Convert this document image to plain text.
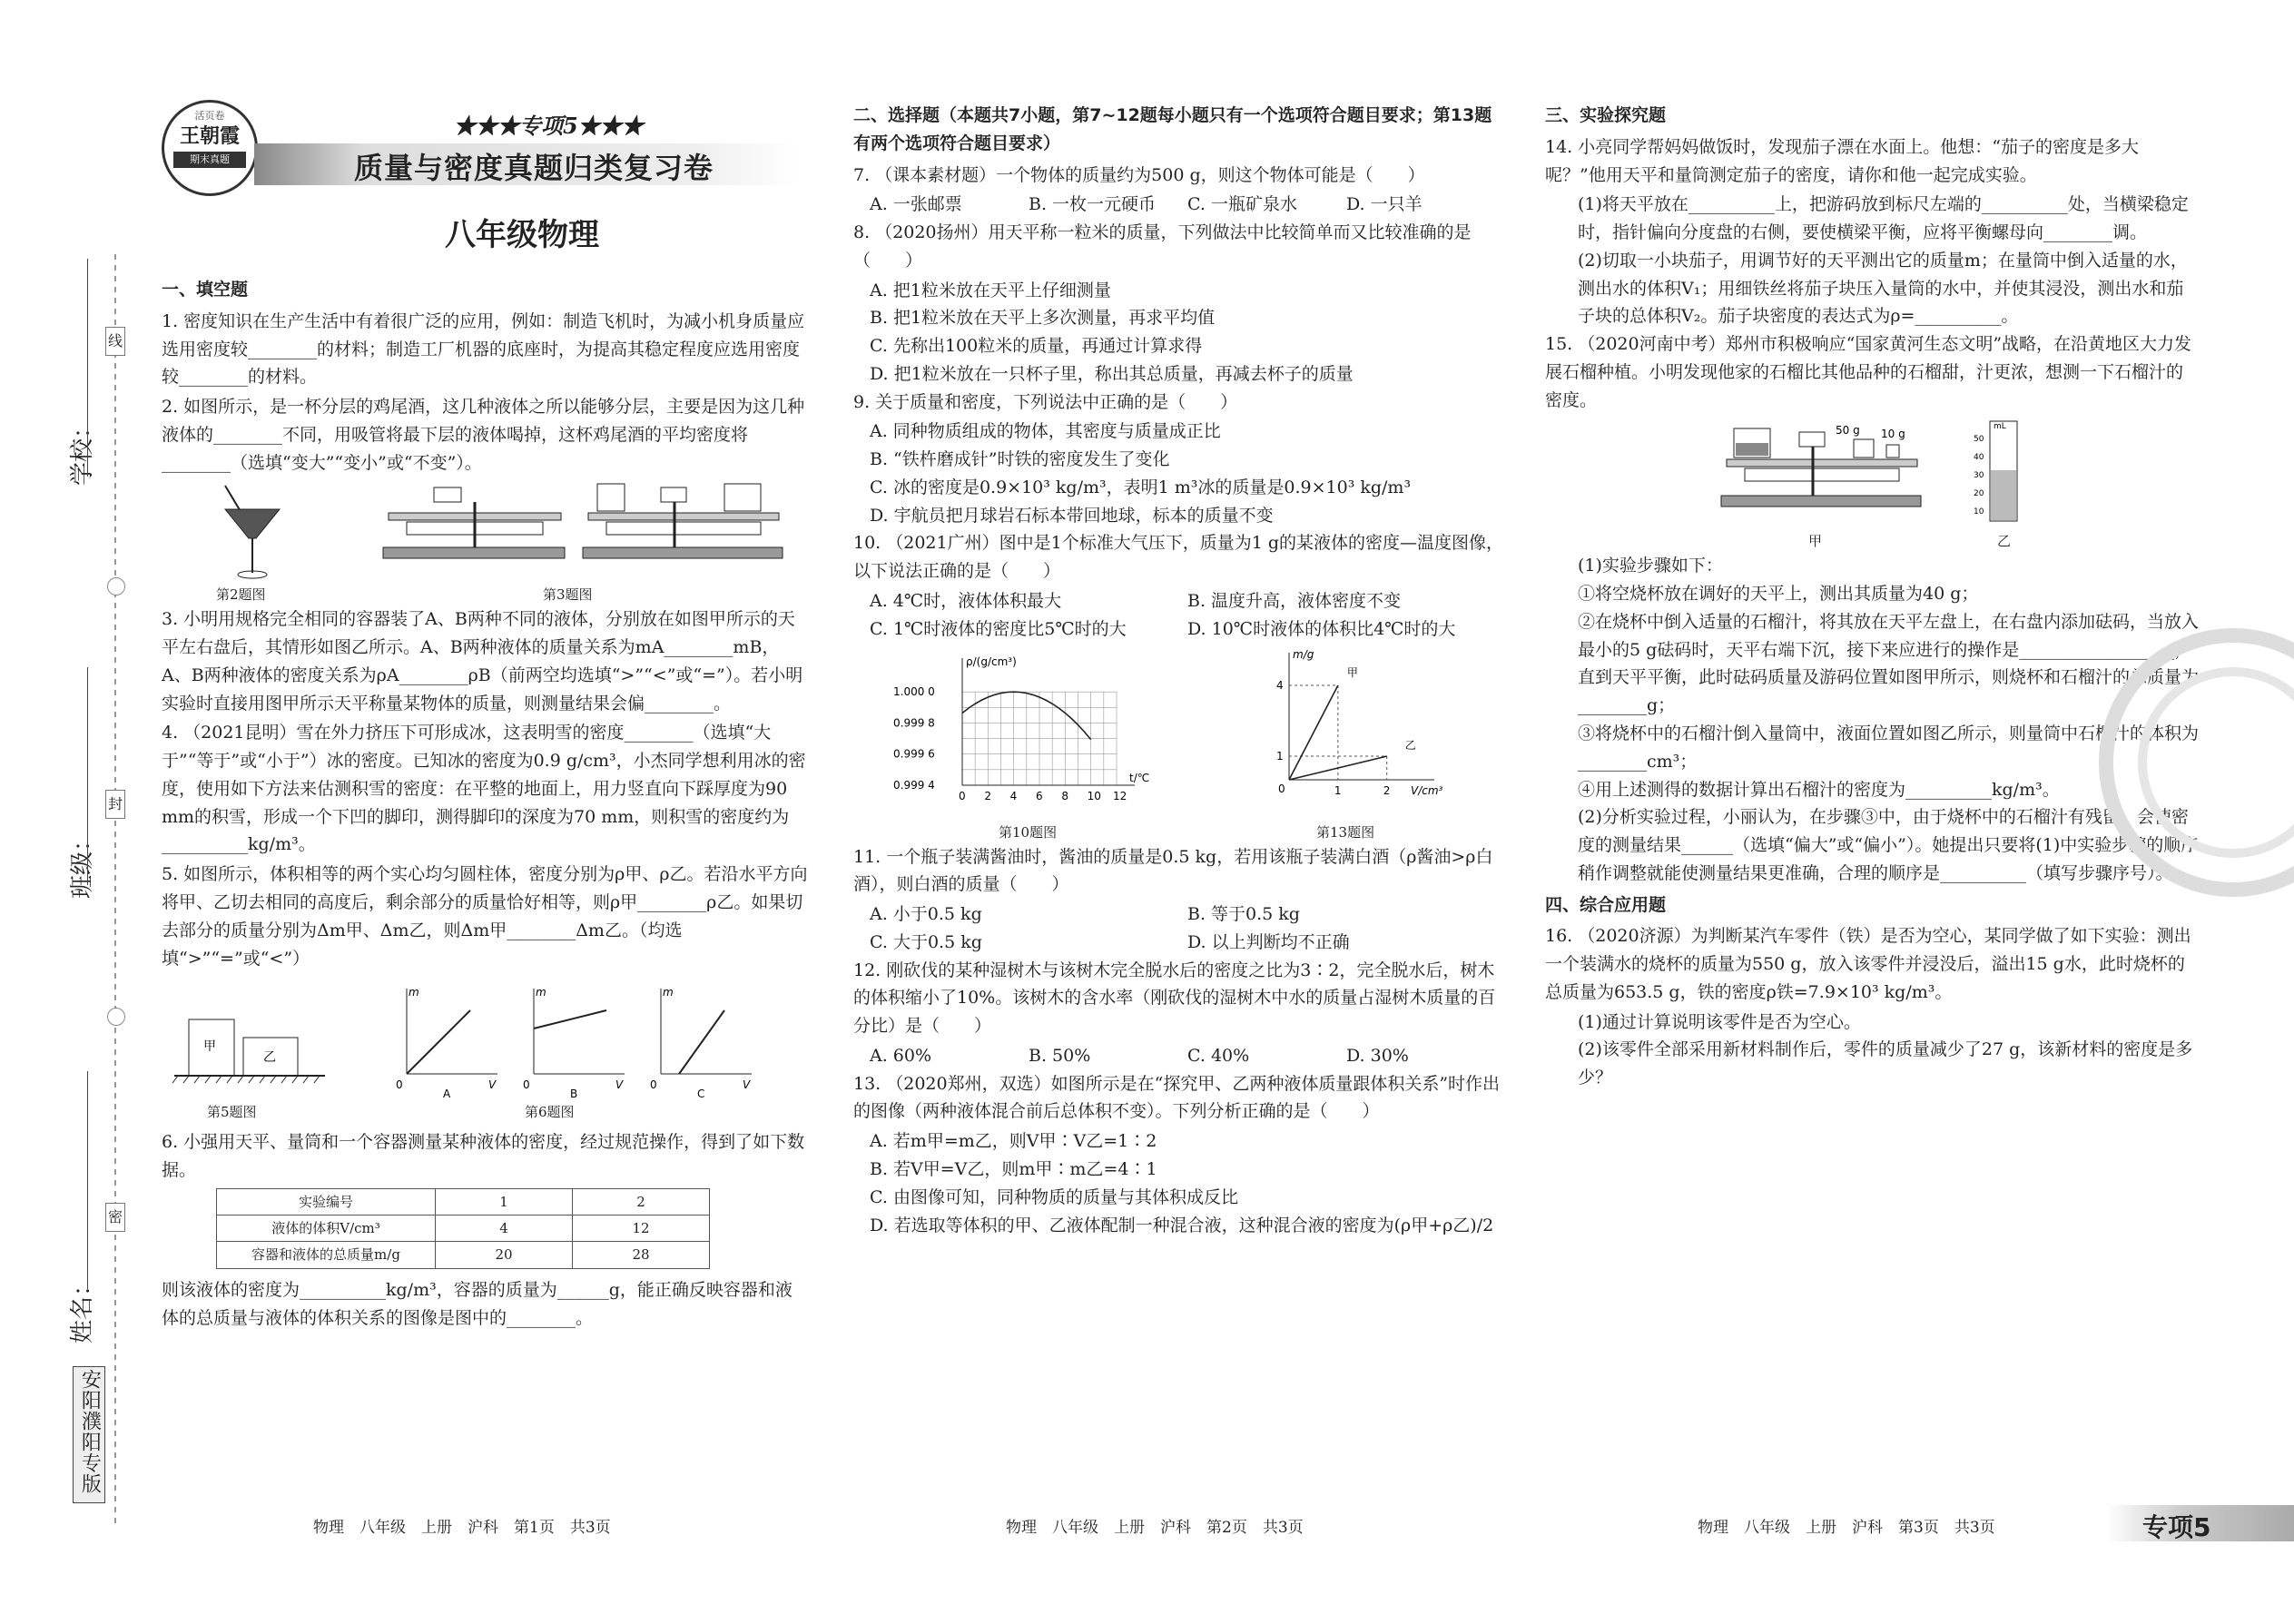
线
封
密
学校：
班级：
姓名：
安阳濮阳专版
活页卷
王朝霞
期末真题
★★★专项5★★★
质量与密度真题归类复习卷
八年级物理

一、填空题

1. 密度知识在生产生活中有着很广泛的应用，例如：制造飞机时，为减小机身质量应选用密度较________的材料；制造工厂机器的底座时，为提高其稳定程度应选用密度较________的材料。

2. 如图所示，是一杯分层的鸡尾酒，这几种液体之所以能够分层，主要是因为这几种液体的________不同，用吸管将最下层的液体喝掉，这杯鸡尾酒的平均密度将________（选填“变大”“变小”或“不变”）。

第2题图	第3题图

3. 小明用规格完全相同的容器装了A、B两种不同的液体，分别放在如图甲所示的天平左右盘后，其情形如图乙所示。A、B两种液体的质量关系为mA________mB，A、B两种液体的密度关系为ρA________ρB（前两空均选填“>”“<”或“=”）。若小明实验时直接用图甲所示天平称量某物体的质量，则测量结果会偏________。

4. （2021昆明）雪在外力挤压下可形成冰，这表明雪的密度________（选填“大于”“等于”或“小于”）冰的密度。已知冰的密度为0.9 g/cm³，小杰同学想利用冰的密度，使用如下方法来估测积雪的密度：在平整的地面上，用力竖直向下踩厚度为90 mm的积雪，形成一个下凹的脚印，测得脚印的深度为70 mm，则积雪的密度约为__________kg/m³。

5. 如图所示，体积相等的两个实心均匀圆柱体，密度分别为ρ甲、ρ乙。若沿水平方向将甲、乙切去相同的高度后，剩余部分的质量恰好相等，则ρ甲________ρ乙。如果切去部分的质量分别为Δm甲、Δm乙，则Δm甲________Δm乙。（均选填“>”“=”或“<”）

甲
乙
m
V
0
A
m
V
0
B
m
V
0
C
第5题图	第6题图

6. 小强用天平、量筒和一个容器测量某种液体的密度，经过规范操作，得到了如下数据。

实验编号	1	2
液体的体积V/cm³	4	12
容器和液体的总质量m/g	20	28

则该液体的密度为__________kg/m³，容器的质量为______g，能正确反映容器和液体的总质量与液体的体积关系的图像是图中的________。

二、选择题（本题共7小题，第7~12题每小题只有一个选项符合题目要求；第13题有两个选项符合题目要求）

7. （课本素材题）一个物体的质量约为500 g，则这个物体可能是（　　）

A. 一张邮票	B. 一枚一元硬币	C. 一瓶矿泉水	D. 一只羊

8. （2020扬州）用天平称一粒米的质量，下列做法中比较简单而又比较准确的是（　　）

A. 把1粒米放在天平上仔细测量

B. 把1粒米放在天平上多次测量，再求平均值

C. 先称出100粒米的质量，再通过计算求得

D. 把1粒米放在一只杯子里，称出其总质量，再减去杯子的质量

9. 关于质量和密度，下列说法中正确的是（　　）

A. 同种物质组成的物体，其密度与质量成正比

B. “铁杵磨成针”时铁的密度发生了变化

C. 冰的密度是0.9×10³ kg/m³，表明1 m³冰的质量是0.9×10³ kg/m³

D. 宇航员把月球岩石标本带回地球，标本的质量不变

10. （2021广州）图中是1个标准大气压下，质量为1 g的某液体的密度—温度图像，以下说法正确的是（　　）

A. 4℃时，液体体积最大	B. 温度升高，液体密度不变
C. 1℃时液体的密度比5℃时的大	D. 10℃时液体的体积比4℃时的大
ρ/(g/cm³)
t/℃
0 2 4 6 8 10 12
0.999 4
0.999 6
0.999 8
1.000 0
m/g
V/cm³
0	1	2
1
4
甲
乙
第10题图	第13题图

11. 一个瓶子装满酱油时，酱油的质量是0.5 kg，若用该瓶子装满白酒（ρ酱油>ρ白酒），则白酒的质量（　　）

A. 小于0.5 kg	B. 等于0.5 kg
C. 大于0.5 kg	D. 以上判断均不正确

12. 刚砍伐的某种湿树木与该树木完全脱水后的密度之比为3∶2，完全脱水后，树木的体积缩小了10%。该树木的含水率（刚砍伐的湿树木中水的质量占湿树木质量的百分比）是（　　）

A. 60%	B. 50%	C. 40%	D. 30%

13. （2020郑州，双选）如图所示是在“探究甲、乙两种液体质量跟体积关系”时作出的图像（两种液体混合前后总体积不变）。下列分析正确的是（　　）

A. 若m甲=m乙，则V甲∶V乙=1∶2

B. 若V甲=V乙，则m甲∶m乙=4∶1

C. 由图像可知，同种物质的质量与其体积成反比

D. 若选取等体积的甲、乙液体配制一种混合液，这种混合液的密度为(ρ甲+ρ乙)/2

三、实验探究题

14. 小亮同学帮妈妈做饭时，发现茄子漂在水面上。他想：“茄子的密度是多大呢？”他用天平和量筒测定茄子的密度，请你和他一起完成实验。

(1)将天平放在__________上，把游码放到标尺左端的__________处，当横梁稳定时，指针偏向分度盘的右侧，要使横梁平衡，应将平衡螺母向________调。

(2)切取一小块茄子，用调节好的天平测出它的质量m；在量筒中倒入适量的水，测出水的体积V₁；用细铁丝将茄子块压入量筒的水中，并使其浸没，测出水和茄子块的总体积V₂。茄子块密度的表达式为ρ=__________。

15. （2020河南中考）郑州市积极响应“国家黄河生态文明”战略，在沿黄地区大力发展石榴种植。小明发现他家的石榴比其他品种的石榴甜，汁更浓，想测一下石榴汁的密度。

50 g 10 g
mL
50
40
30
20
10
甲	乙

(1)实验步骤如下：

①将空烧杯放在调好的天平上，测出其质量为40 g；

②在烧杯中倒入适量的石榴汁，将其放在天平左盘上，在右盘内添加砝码，当放入最小的5 g砝码时，天平右端下沉，接下来应进行的操作是__________________，直到天平平衡，此时砝码质量及游码位置如图甲所示，则烧杯和石榴汁的总质量为________g；

③将烧杯中的石榴汁倒入量筒中，液面位置如图乙所示，则量筒中石榴汁的体积为________cm³；

④用上述测得的数据计算出石榴汁的密度为__________kg/m³。

(2)分析实验过程，小丽认为，在步骤③中，由于烧杯中的石榴汁有残留，会使密度的测量结果______（选填“偏大”或“偏小”）。她提出只要将(1)中实验步骤的顺序稍作调整就能使测量结果更准确，合理的顺序是__________（填写步骤序号）。

四、综合应用题

16. （2020济源）为判断某汽车零件（铁）是否为空心，某同学做了如下实验：测出一个装满水的烧杯的质量为550 g，放入该零件并浸没后，溢出15 g水，此时烧杯的总质量为653.5 g，铁的密度ρ铁=7.9×10³ kg/m³。

(1)通过计算说明该零件是否为空心。

(2)该零件全部采用新材料制作后，零件的质量减少了27 g，该新材料的密度是多少？

物理　八年级　上册　沪科　第1页　共3页	物理　八年级　上册　沪科　第2页　共3页	物理　八年级　上册　沪科　第3页　共3页	专项5
